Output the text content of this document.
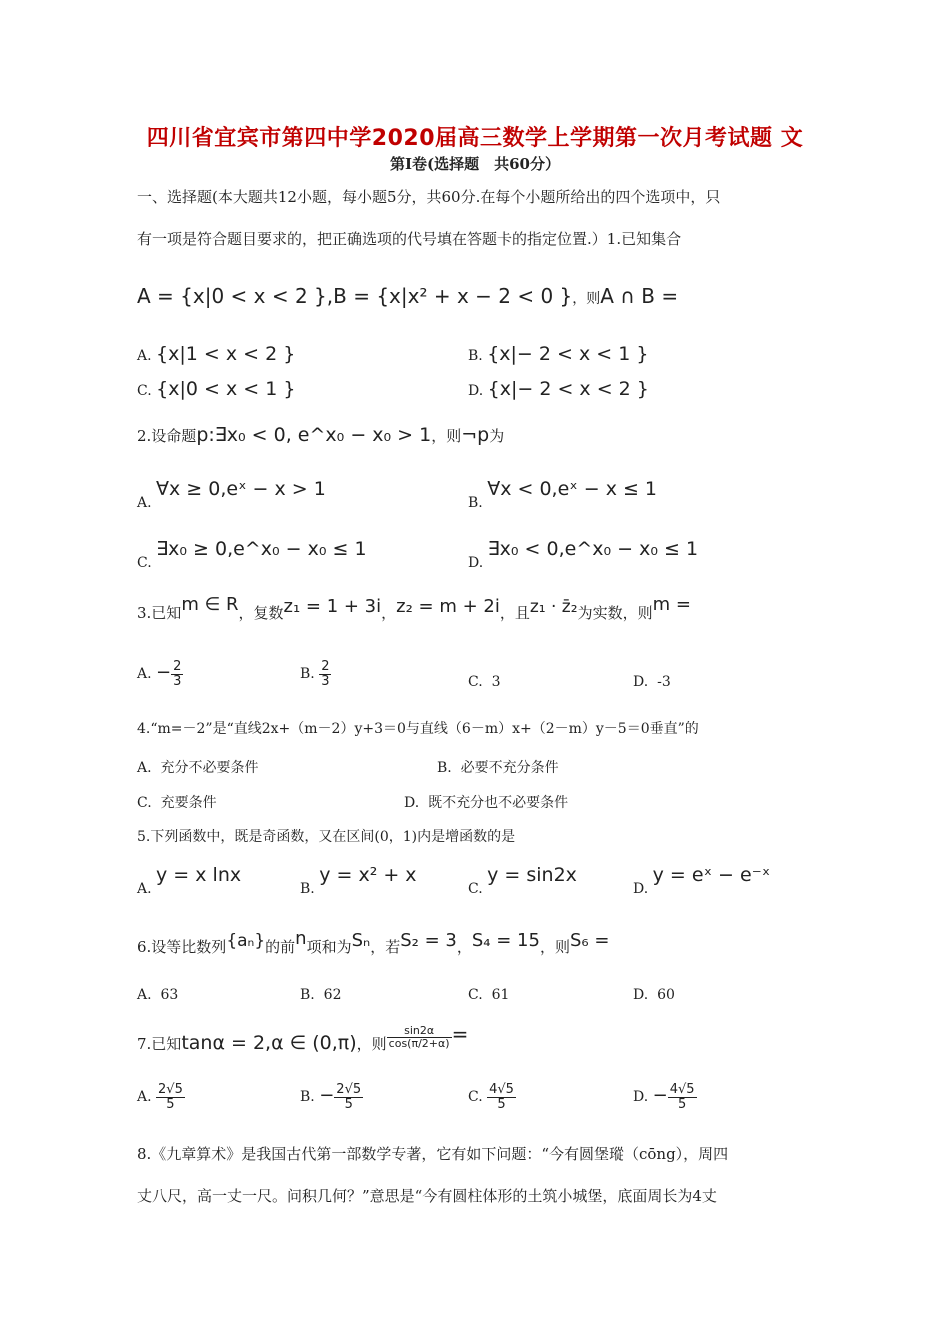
四川省宜宾市第四中学2020届高三数学上学期第一次月考试题 文
第Ⅰ卷(选择题　共60分）
一、选择题(本大题共12小题，每小题5分，共60分.在每个小题所给出的四个选项中，只
有一项是符合题目要求的，把正确选项的代号填在答题卡的指定位置.）1.已知集合
A = {x|0 < x < 2 },B = {x|x² + x − 2 < 0 }，则A ∩ B =
A. {x|1 < x < 2 }	B. {x|− 2 < x < 1 }
C. {x|0 < x < 1 }	D. {x|− 2 < x < 2 }
2.设命题p:∃x₀ < 0, e^x₀ − x₀ > 1，则¬p为
A. ∀x ≥ 0,eˣ − x > 1
B. ∀x < 0,eˣ − x ≤ 1
C. ∃x₀ ≥ 0,e^x₀ − x₀ ≤ 1
D. ∃x₀ < 0,e^x₀ − x₀ ≤ 1
3.已知m ∈ R，复数z₁ = 1 + 3i，z₂ = m + 2i，且z₁ · z̄₂为实数，则m =
A. − $\frac{2}{3}$	B. $\frac{2}{3}$	C. 3	D. -3
4.“m=－2”是“直线2x+（m－2）y+3＝0与直线（6－m）x+（2－m）y－5＝0垂直”的
A. 充分不必要条件	B. 必要不充分条件
C. 充要条件	D. 既不充分也不必要条件
5.下列函数中，既是奇函数，又在区间(0，1)内是增函数的是
A. y = x lnx
B. y = x² + x
C. y = sin2x
D. y = eˣ − e⁻ˣ
6.设等比数列{aₙ}的前n项和为Sₙ，若S₂ = 3，S₄ = 15，则S₆ =
A. 63	B. 62	C. 61	D. 60
7.已知tanα = 2,α ∈ (0,π)，则 $\frac{\sin 2\alpha}{\cos(\pi/2+\alpha)}$ =
A. $\frac{2√5}{5}$	B. − $\frac{2√5}{5}$	C. $\frac{4√5}{5}$	D. − $\frac{4√5}{5}$
8.《九章算术》是我国古代第一部数学专著，它有如下问题：“今有圆堡瑽（cōng），周四
丈八尺，高一丈一尺。问积几何？”意思是“今有圆柱体形的土筑小城堡，底面周长为4丈
